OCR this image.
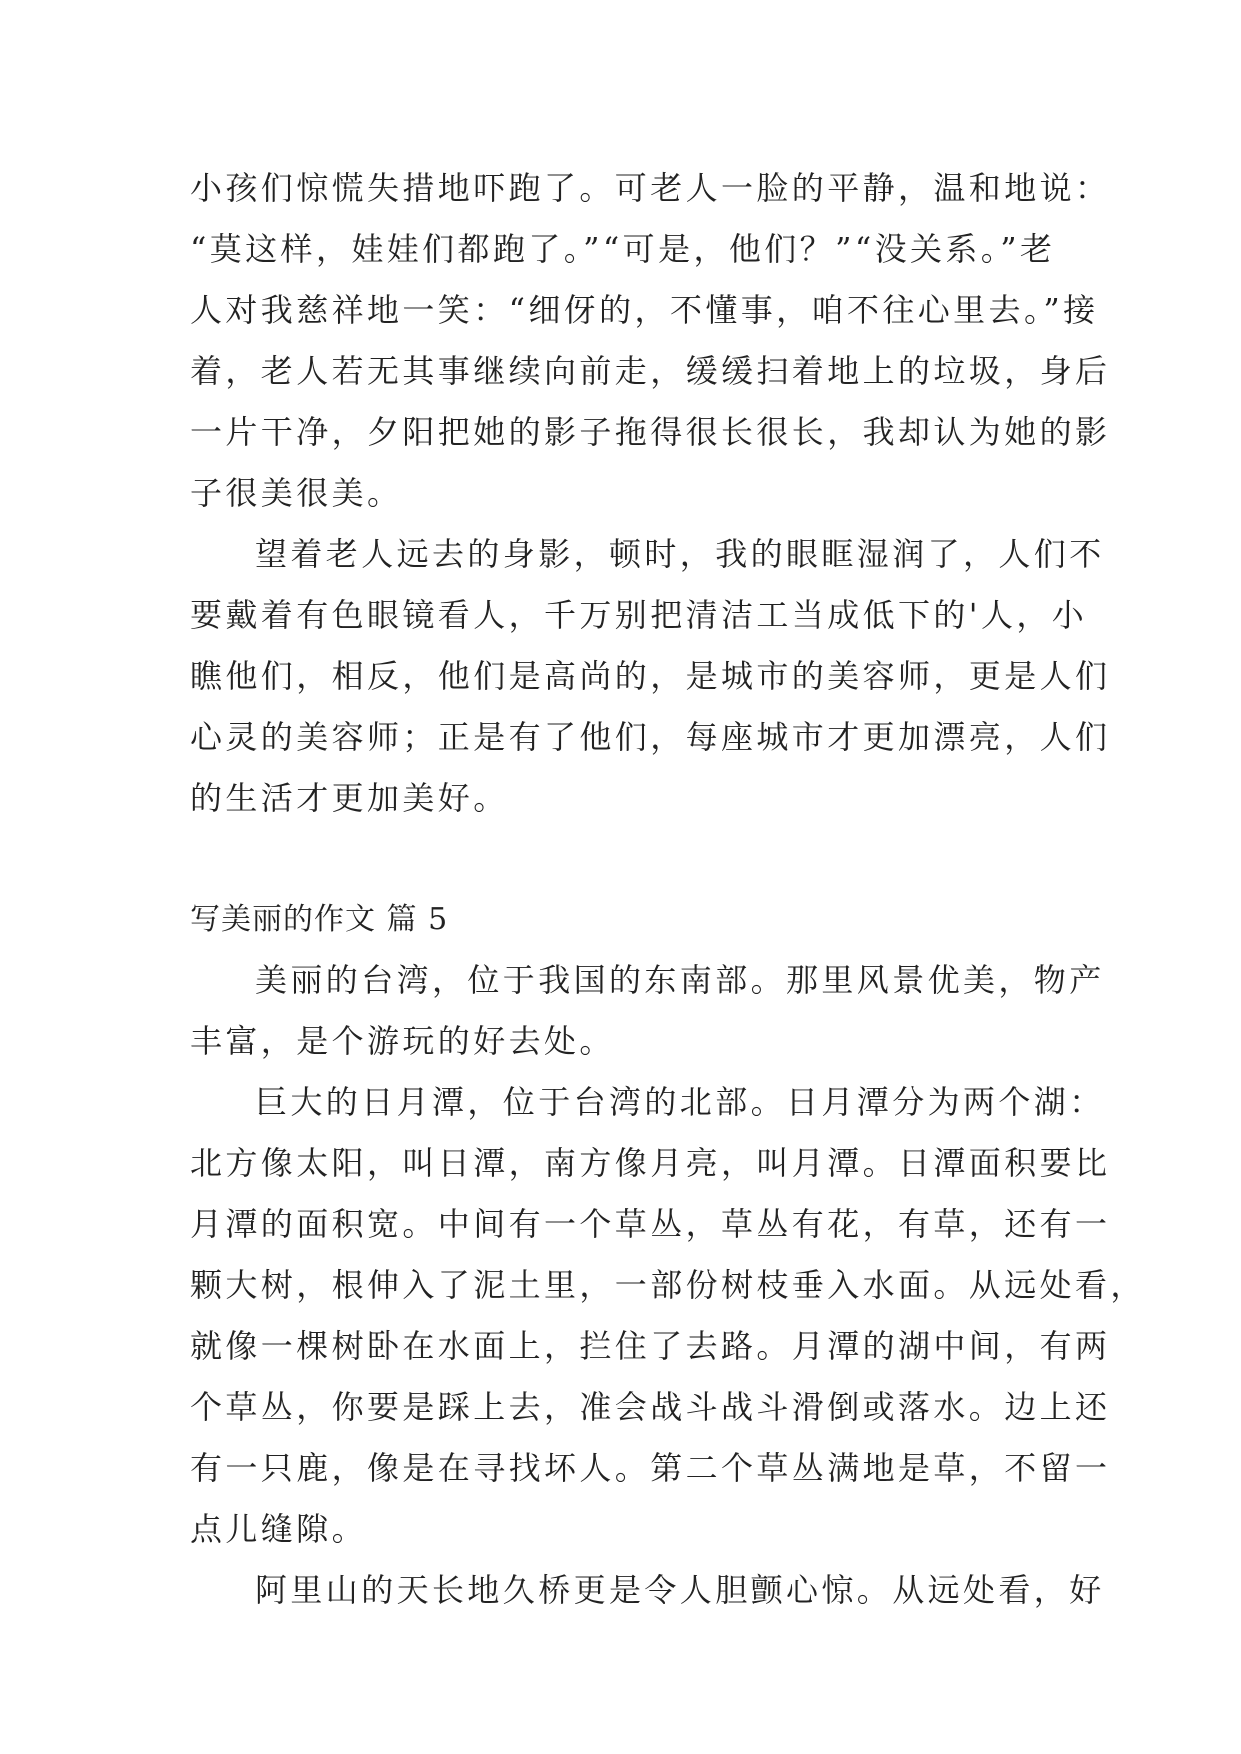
小孩们惊慌失措地吓跑了。可老人一脸的平静，温和地说：
“莫这样，娃娃们都跑了。”“可是，他们？”“没关系。”老
人对我慈祥地一笑：“细伢的，不懂事，咱不往心里去。”接
着，老人若无其事继续向前走，缓缓扫着地上的垃圾，身后
一片干净，夕阳把她的影子拖得很长很长，我却认为她的影
子很美很美。
望着老人远去的身影，顿时，我的眼眶湿润了，人们不
要戴着有色眼镜看人，千万别把清洁工当成低下的'人，小
瞧他们，相反，他们是高尚的，是城市的美容师，更是人们
心灵的美容师；正是有了他们，每座城市才更加漂亮，人们
的生活才更加美好。
写美丽的作文 篇 5
美丽的台湾，位于我国的东南部。那里风景优美，物产
丰富，是个游玩的好去处。
巨大的日月潭，位于台湾的北部。日月潭分为两个湖：
北方像太阳，叫日潭，南方像月亮，叫月潭。日潭面积要比
月潭的面积宽。中间有一个草丛，草丛有花，有草，还有一
颗大树，根伸入了泥土里，一部份树枝垂入水面。从远处看，
就像一棵树卧在水面上，拦住了去路。月潭的湖中间，有两
个草丛，你要是踩上去，准会战斗战斗滑倒或落水。边上还
有一只鹿，像是在寻找坏人。第二个草丛满地是草，不留一
点儿缝隙。
阿里山的天长地久桥更是令人胆颤心惊。从远处看，好
